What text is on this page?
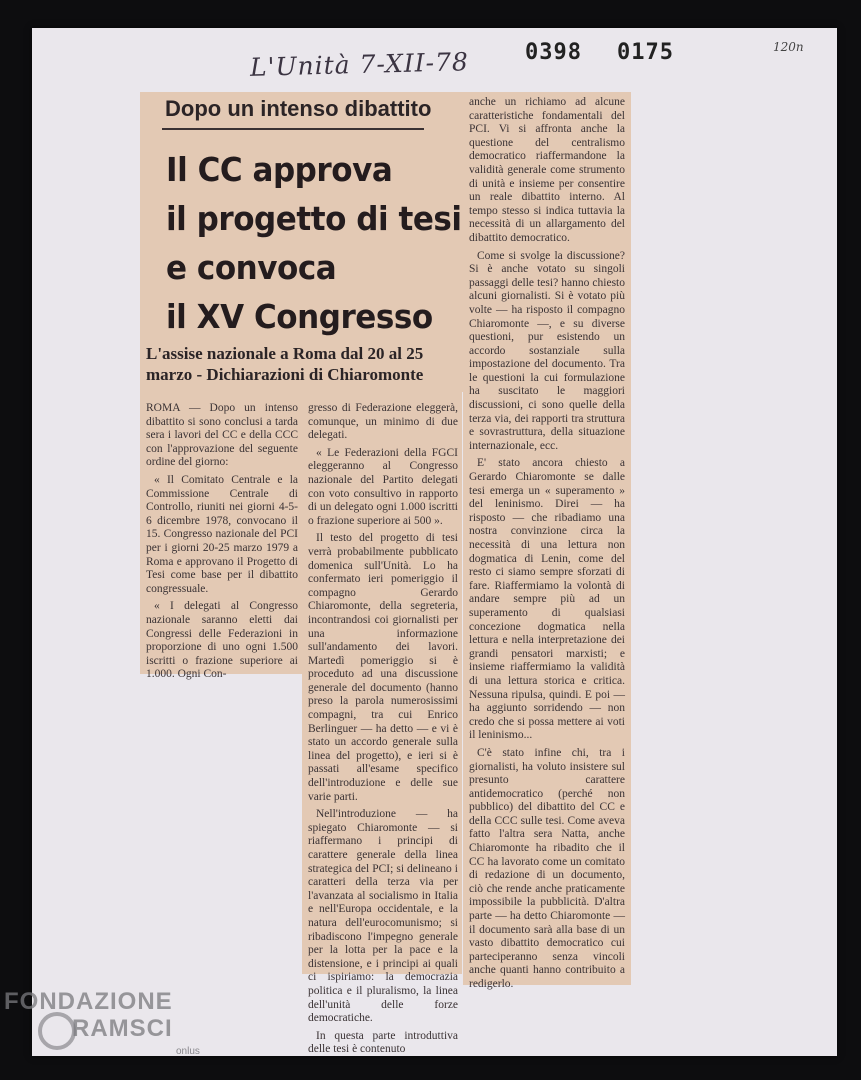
L'Unità 7-XII-78	0398 0175	120n
Dopo un intenso dibattito
Il CC approva
il progetto di tesi
e convoca
il XV Congresso
L'assise nazionale a Roma dal 20 al 25 marzo - Dichiarazioni di Chiaromonte

ROMA — Dopo un intenso dibattito si sono conclusi a tarda sera i lavori del CC e della CCC con l'approvazione del seguente ordine del giorno:

« Il Comitato Centrale e la Commissione Centrale di Controllo, riuniti nei giorni 4-5-6 dicembre 1978, convocano il 15. Congresso nazionale del PCI per i giorni 20-25 marzo 1979 a Roma e approvano il Progetto di Tesi come base per il dibattito congressuale.

« I delegati al Congresso nazionale saranno eletti dai Congressi delle Federazioni in proporzione di uno ogni 1.500 iscritti o frazione superiore ai 1.000. Ogni Con-

gresso di Federazione eleggerà, comunque, un minimo di due delegati.

« Le Federazioni della FGCI eleggeranno al Congresso nazionale del Partito delegati con voto consultivo in rapporto di un delegato ogni 1.000 iscritti o frazione superiore ai 500 ».

Il testo del progetto di tesi verrà probabilmente pubblicato domenica sull'Unità. Lo ha confermato ieri pomeriggio il compagno Gerardo Chiaromonte, della segreteria, incontrandosi coi giornalisti per una informazione sull'andamento dei lavori. Martedì pomeriggio si è proceduto ad una discussione generale del documento (hanno preso la parola numerosissimi compagni, tra cui Enrico Berlinguer — ha detto — e vi è stato un accordo generale sulla linea del progetto), e ieri si è passati all'esame specifico dell'introduzione e delle sue varie parti.

Nell'introduzione — ha spiegato Chiaromonte — si riaffermano i principi di carattere generale della linea strategica del PCI; si delineano i caratteri della terza via per l'avanzata al socialismo in Italia e nell'Europa occidentale, e la natura dell'eurocomunismo; si ribadiscono l'impegno generale per la lotta per la pace e la distensione, e i principi ai quali ci ispiriamo: la democrazia politica e il pluralismo, la linea dell'unità delle forze democratiche.

In questa parte introduttiva delle tesi è contenuto

anche un richiamo ad alcune caratteristiche fondamentali del PCI. Vi si affronta anche la questione del centralismo democratico riaffermandone la validità generale come strumento di unità e insieme per consentire un reale dibattito interno. Al tempo stesso si indica tuttavia la necessità di un allargamento del dibattito democratico.

Come si svolge la discussione? Si è anche votato su singoli passaggi delle tesi? hanno chiesto alcuni giornalisti. Si è votato più volte — ha risposto il compagno Chiaromonte —, e su diverse questioni, pur esistendo un accordo sostanziale sulla impostazione del documento. Tra le questioni la cui formulazione ha suscitato le maggiori discussioni, ci sono quelle della terza via, dei rapporti tra struttura e sovrastruttura, della situazione internazionale, ecc.

E' stato ancora chiesto a Gerardo Chiaromonte se dalle tesi emerga un « superamento » del leninismo. Direi — ha risposto — che ribadiamo una nostra convinzione circa la necessità di una lettura non dogmatica di Lenin, come del resto ci siamo sempre sforzati di fare. Riaffermiamo la volontà di andare sempre più ad un superamento di qualsiasi concezione dogmatica nella lettura e nella interpretazione dei grandi pensatori marxisti; e insieme riaffermiamo la validità di una lettura storica e critica. Nessuna ripulsa, quindi. E poi — ha aggiunto sorridendo — non credo che si possa mettere ai voti il leninismo...

C'è stato infine chi, tra i giornalisti, ha voluto insistere sul presunto carattere antidemocratico (perché non pubblico) del dibattito del CC e della CCC sulle tesi. Come aveva fatto l'altra sera Natta, anche Chiaromonte ha ribadito che il CC ha lavorato come un comitato di redazione di un documento, ciò che rende anche praticamente impossibile la pubblicità. D'altra parte — ha detto Chiaromonte — il documento sarà alla base di un vasto dibattito democratico cui parteciperanno senza vincoli anche quanti hanno contribuito a redigerlo.

FONDAZIONE
RAMSCI
onlus
